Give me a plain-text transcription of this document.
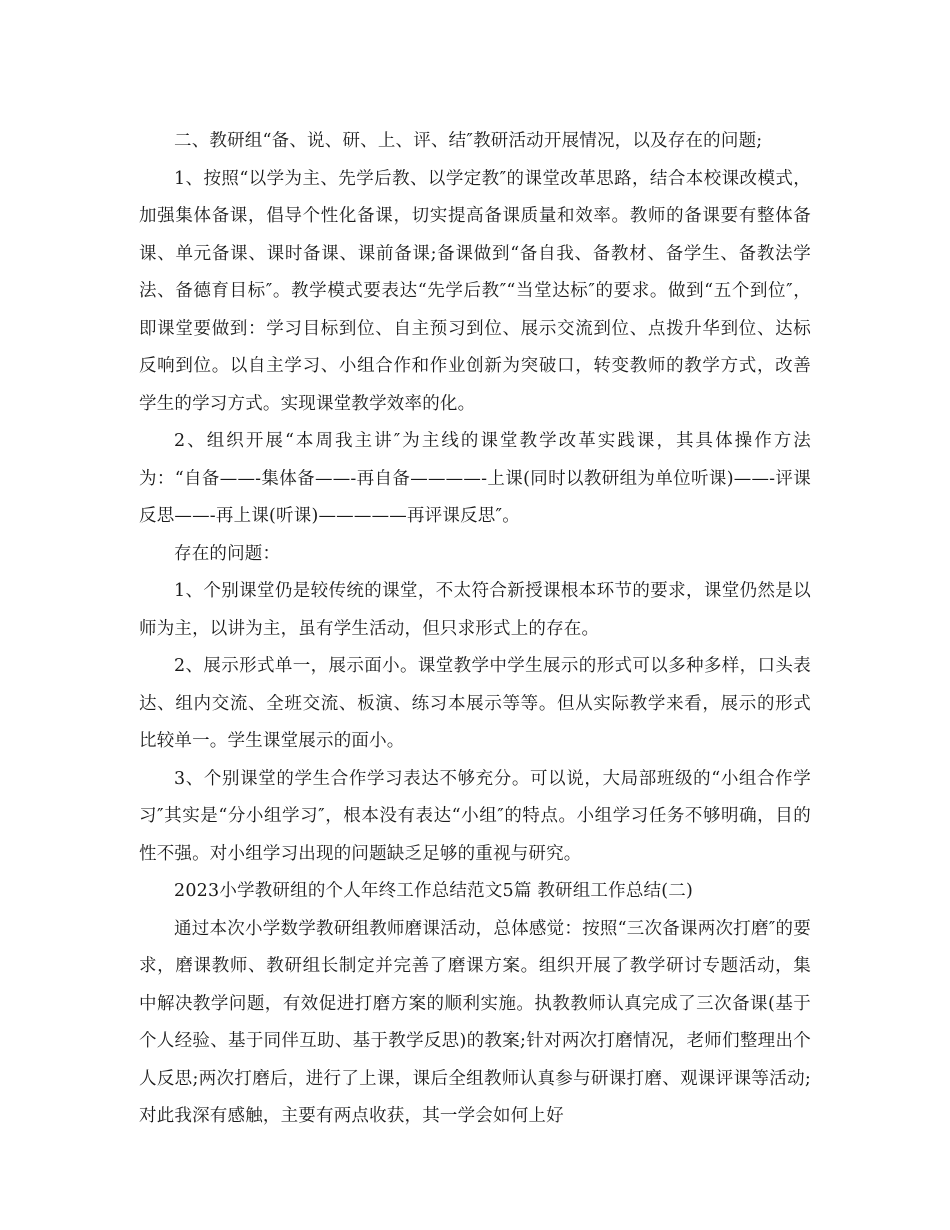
二、教研组“备、说、研、上、评、结″教研活动开展情况，以及存在的问题;

1、按照“以学为主、先学后教、以学定教″的课堂改革思路，结合本校课改模式，加强集体备课，倡导个性化备课，切实提高备课质量和效率。教师的备课要有整体备课、单元备课、课时备课、课前备课;备课做到“备自我、备教材、备学生、备教法学法、备德育目标″。教学模式要表达“先学后教″“当堂达标″的要求。做到“五个到位″，即课堂要做到：学习目标到位、自主预习到位、展示交流到位、点拨升华到位、达标反响到位。以自主学习、小组合作和作业创新为突破口，转变教师的教学方式，改善学生的学习方式。实现课堂教学效率的化。

2、组织开展“本周我主讲″为主线的课堂教学改革实践课，其具体操作方法为：“自备——-集体备——-再自备————-上课(同时以教研组为单位听课)——-评课反思——-再上课(听课)—————再评课反思″。

存在的问题：

1、个别课堂仍是较传统的课堂，不太符合新授课根本环节的要求，课堂仍然是以师为主，以讲为主，虽有学生活动，但只求形式上的存在。

2、展示形式单一，展示面小。课堂教学中学生展示的形式可以多种多样，口头表达、组内交流、全班交流、板演、练习本展示等等。但从实际教学来看，展示的形式比较单一。学生课堂展示的面小。

3、个别课堂的学生合作学习表达不够充分。可以说，大局部班级的“小组合作学习″其实是“分小组学习″，根本没有表达“小组″的特点。小组学习任务不够明确，目的性不强。对小组学习出现的问题缺乏足够的重视与研究。

2023小学教研组的个人年终工作总结范文5篇 教研组工作总结(二)

通过本次小学数学教研组教师磨课活动，总体感觉：按照“三次备课两次打磨″的要求，磨课教师、教研组长制定并完善了磨课方案。组织开展了教学研讨专题活动，集中解决教学问题，有效促进打磨方案的顺利实施。执教教师认真完成了三次备课(基于个人经验、基于同伴互助、基于教学反思)的教案;针对两次打磨情况，老师们整理出个人反思;两次打磨后，进行了上课，课后全组教师认真参与研课打磨、观课评课等活动;对此我深有感触，主要有两点收获，其一学会如何上好
